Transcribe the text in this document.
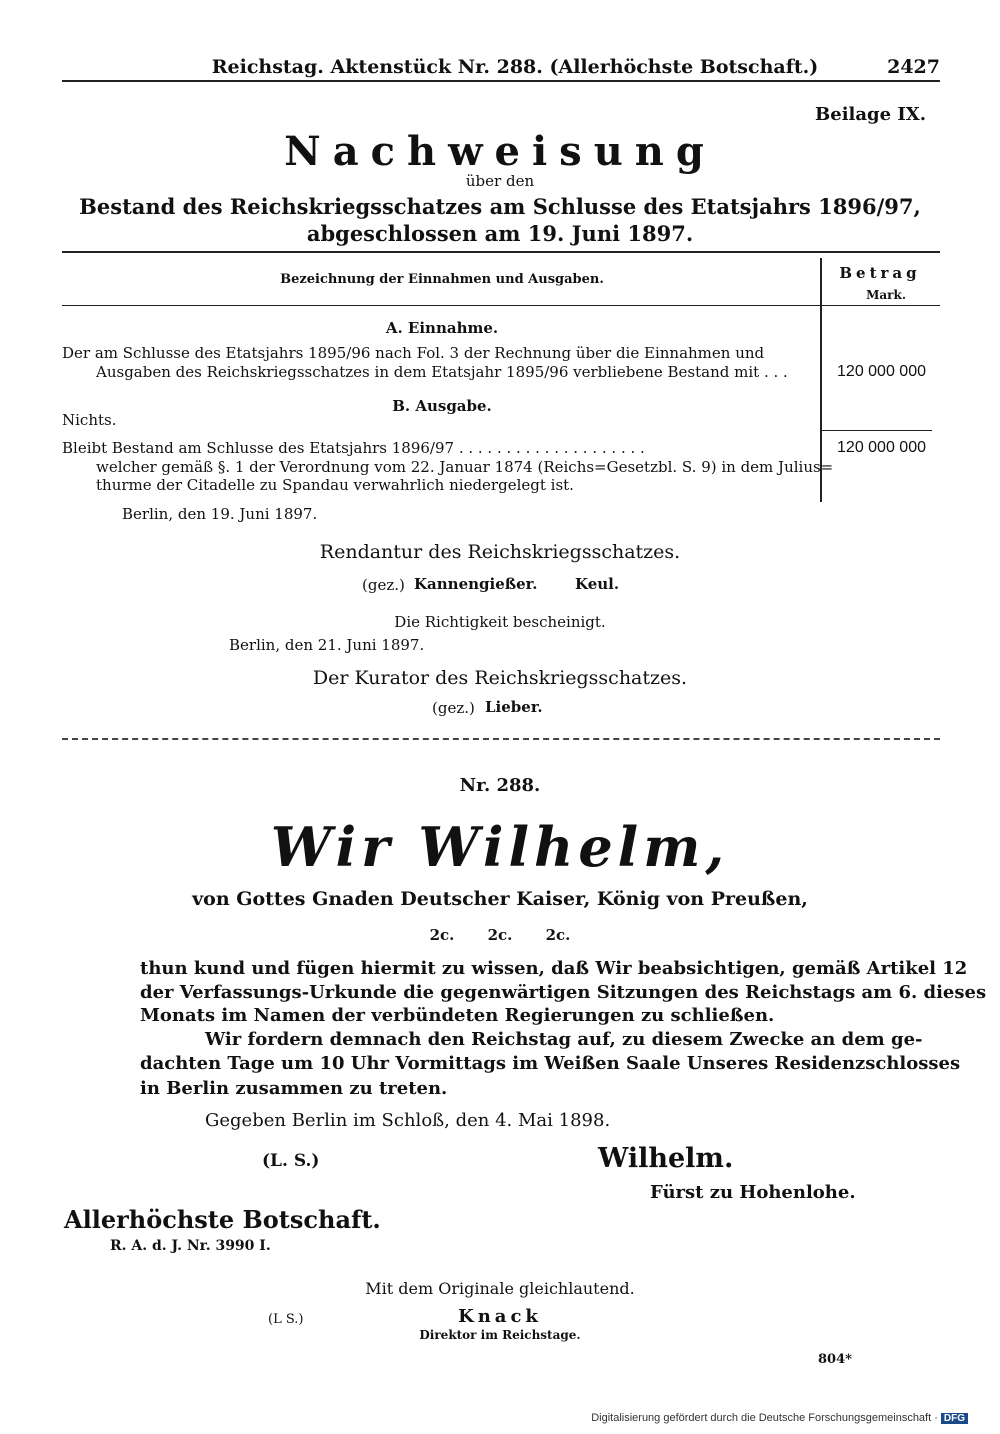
Reichstag. Aktenstück Nr. 288. (Allerhöchste Botschaft.)	2427
Beilage IX.
Nachweisung
über den
Bestand des Reichskriegsschatzes am Schlusse des Etatsjahrs 1896/97,
abgeschlossen am 19. Juni 1897.
Bezeichnung der Einnahmen und Ausgaben.	Betrag
Mark.
A. Einnahme.
Der am Schlusse des Etatsjahrs 1895/96 nach Fol. 3 der Rechnung über die Einnahmen und
Ausgaben des Reichskriegsschatzes in dem Etatsjahr 1895/96 verbliebene Bestand mit . . .	120 000 000
B. Ausgabe.
Nichts.
Bleibt Bestand am Schlusse des Etatsjahrs 1896/97 . . . . . . . . . . . . . . . . . . . .
welcher gemäß §. 1 der Verordnung vom 22. Januar 1874 (Reichs=Gesetzbl. S. 9) in dem Julius=
thurme der Citadelle zu Spandau verwahrlich niedergelegt ist.
120 000 000
Berlin, den 19. Juni 1897.
Rendantur des Reichskriegsschatzes.
(gez.) Kannengießer.	Keul.
Die Richtigkeit bescheinigt.
Berlin, den 21. Juni 1897.
Der Kurator des Reichskriegsschatzes.
(gez.) Lieber.
Nr. 288.
Wir Wilhelm,
von Gottes Gnaden Deutscher Kaiser, König von Preußen,
2c. 2c. 2c.
thun kund und fügen hiermit zu wissen, daß Wir beabsichtigen, gemäß Artikel 12
der Verfassungs-Urkunde die gegenwärtigen Sitzungen des Reichstags am 6. dieses
Monats im Namen der verbündeten Regierungen zu schließen.
Wir fordern demnach den Reichstag auf, zu diesem Zwecke an dem ge-
dachten Tage um 10 Uhr Vormittags im Weißen Saale Unseres Residenzschlosses
in Berlin zusammen zu treten.
Gegeben Berlin im Schloß, den 4. Mai 1898.
(L. S.)	Wilhelm.
Fürst zu Hohenlohe.
Allerhöchste Botschaft.
R. A. d. J. Nr. 3990 I.
Mit dem Originale gleichlautend.
(L S.)	Knack
Direktor im Reichstage.
804*
Digitalisierung gefördert durch die Deutsche Forschungsgemeinschaft · DFG
